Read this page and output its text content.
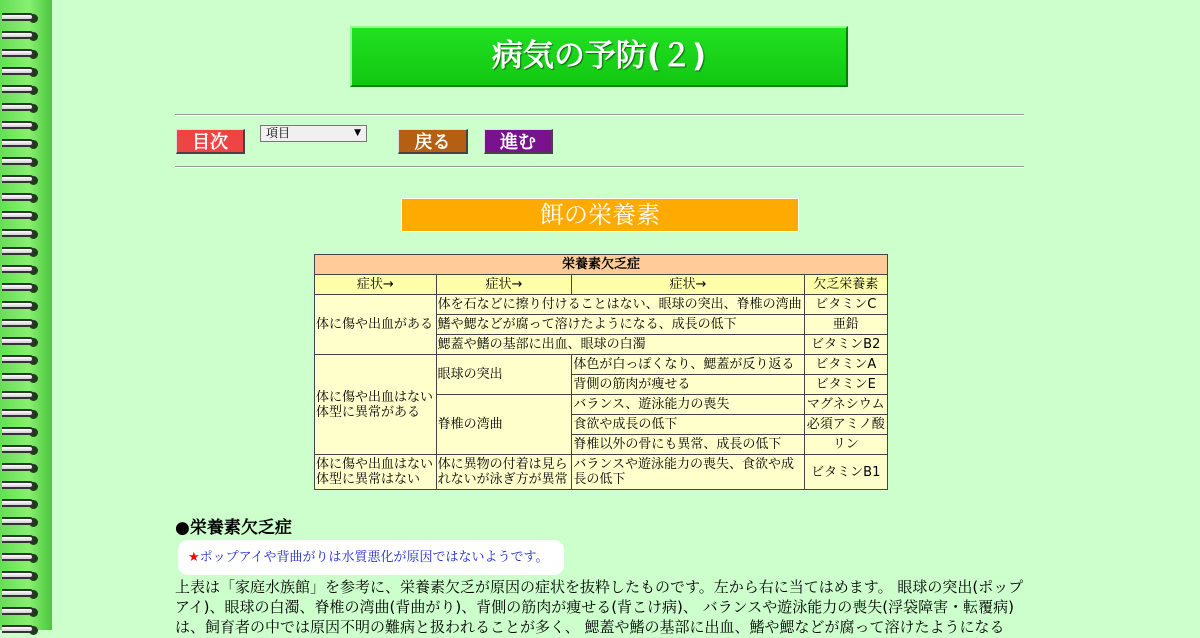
病気の予防(２)
目次	項目	▼	戻る	進む
餌の栄養素
栄養素欠乏症			
症状→	症状→	症状→	欠乏栄養素
体に傷や出血がある	体を石などに擦り付けることはない、眼球の突出、脊椎の湾曲		ビタミンC
	鰭や鰓などが腐って溶けたようになる、成長の低下		亜鉛
	鰓蓋や鰭の基部に出血、眼球の白濁		ビタミンB2
体に傷や出血はない体型に異常がある	眼球の突出	体色が白っぽくなり、鰓蓋が反り返る	ビタミンA
		背側の筋肉が痩せる	ビタミンE
	脊椎の湾曲	バランス、遊泳能力の喪失	マグネシウム
		食欲や成長の低下	必須アミノ酸
		脊椎以外の骨にも異常、成長の低下	リン
体に傷や出血はない体型に異常はない	体に異物の付着は見られないが泳ぎ方が異常	バランスや遊泳能力の喪失、食欲や成長の低下	ビタミンB1
●栄養素欠乏症
★ポップアイや背曲がりは水質悪化が原因ではないようです。
上表は「家庭水族館」を参考に、栄養素欠乏が原因の症状を抜粋したものです。左から右に当てはめます。 眼球の突出(ポップアイ)、眼球の白濁、脊椎の湾曲(背曲がり)、背側の筋肉が痩せる(背こけ病)、 バランスや遊泳能力の喪失(浮袋障害・転覆病)は、飼育者の中では原因不明の難病と扱われることが多く、 鰓蓋や鰭の基部に出血、鰭や鰓などが腐って溶けたようになる
